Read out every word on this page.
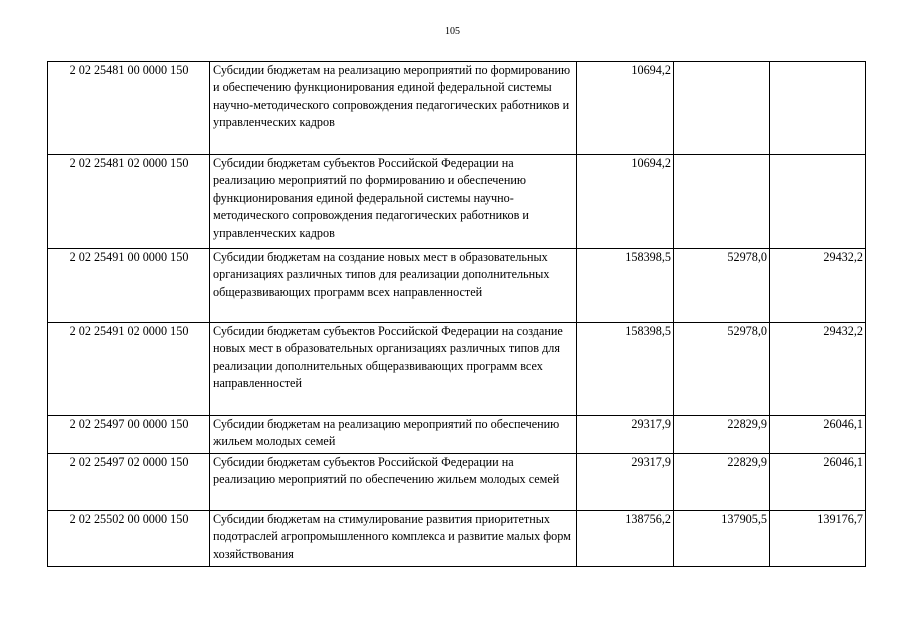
105
2 02 25481 00 0000 150	Субсидии бюджетам на реализацию мероприятий по формированию и обеспечению функционирования единой федеральной системы научно-методического сопровождения педагогических работников и управленческих кадров	10694,2		
2 02 25481 02 0000 150	Субсидии бюджетам субъектов Российской Федерации на реализацию мероприятий по формированию и обеспечению функционирования единой федеральной системы научно-методического сопровождения педагогических работников и управленческих кадров	10694,2		
2 02 25491 00 0000 150	Субсидии бюджетам на создание новых мест в образовательных организациях различных типов для реализации дополнительных общеразвивающих программ всех направленностей	158398,5	52978,0	29432,2
2 02 25491 02 0000 150	Субсидии бюджетам субъектов Российской Федерации на создание новых мест в образовательных организациях различных типов для реализации дополнительных общеразвивающих программ всех направленностей	158398,5	52978,0	29432,2
2 02 25497 00 0000 150	Субсидии бюджетам на реализацию мероприятий по обеспечению жильем молодых семей	29317,9	22829,9	26046,1
2 02 25497 02 0000 150	Субсидии бюджетам субъектов Российской Федерации на реализацию мероприятий по обеспечению жильем молодых семей	29317,9	22829,9	26046,1
2 02 25502 00 0000 150	Субсидии бюджетам на стимулирование развития приоритетных подотраслей агропромышленного комплекса и развитие малых форм хозяйствования	138756,2	137905,5	139176,7
